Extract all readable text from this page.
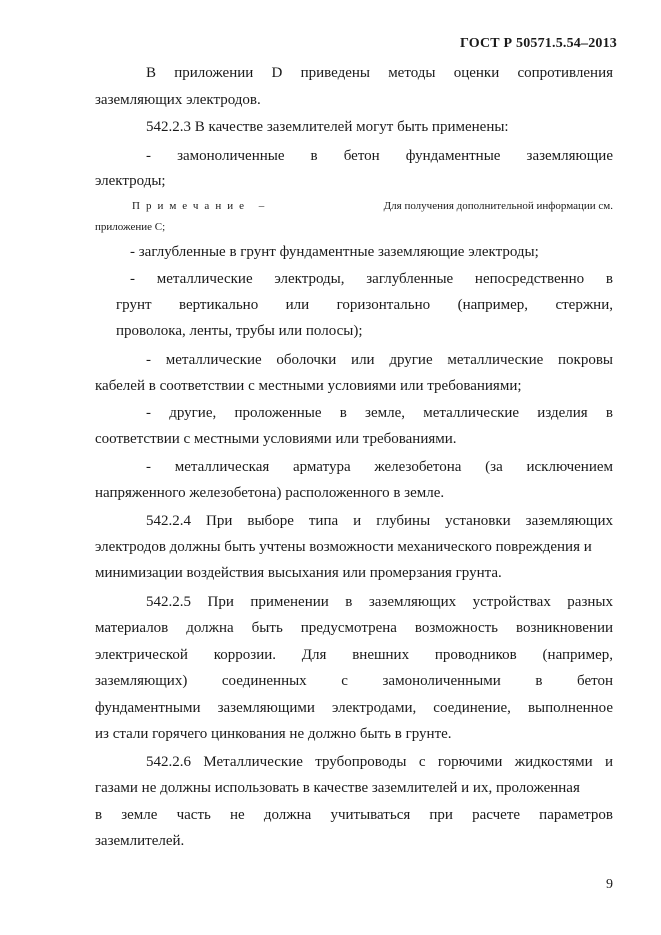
ГОСТ Р 50571.5.54–2013
В приложении D приведены методы оценки сопротивления
заземляющих электродов.
542.2.3 В качестве заземлителей могут быть применены:
- замоноличенные в бетон фундаментные заземляющие
электроды;
Примечание –	Для получения дополнительной информации см.
приложение С;
- заглубленные в грунт фундаментные заземляющие электроды;
- металлические электроды, заглубленные непосредственно в
грунт вертикально или горизонтально (например, стержни,
проволока, ленты, трубы или полосы);
- металлические оболочки или другие металлические покровы
кабелей в соответствии с местными условиями или требованиями;
- другие, проложенные в земле, металлические изделия в
соответствии с местными условиями или требованиями.
- металлическая арматура железобетона (за исключением
напряженного железобетона) расположенного в земле.
542.2.4 При выборе типа и глубины установки заземляющих
электродов должны быть учтены возможности механического повреждения и
минимизации воздействия высыхания или промерзания грунта.
542.2.5 При применении в заземляющих устройствах разных
материалов должна быть предусмотрена возможность возникновении
электрической коррозии. Для внешних проводников (например,
заземляющих) соединенных с замоноличенными в бетон
фундаментными заземляющими электродами, соединение, выполненное
из стали горячего цинкования не должно быть в грунте.
542.2.6 Металлические трубопроводы с горючими жидкостями и
газами не должны использовать в качестве заземлителей и их, проложенная
в земле часть не должна учитываться при расчете параметров
заземлителей.
9
